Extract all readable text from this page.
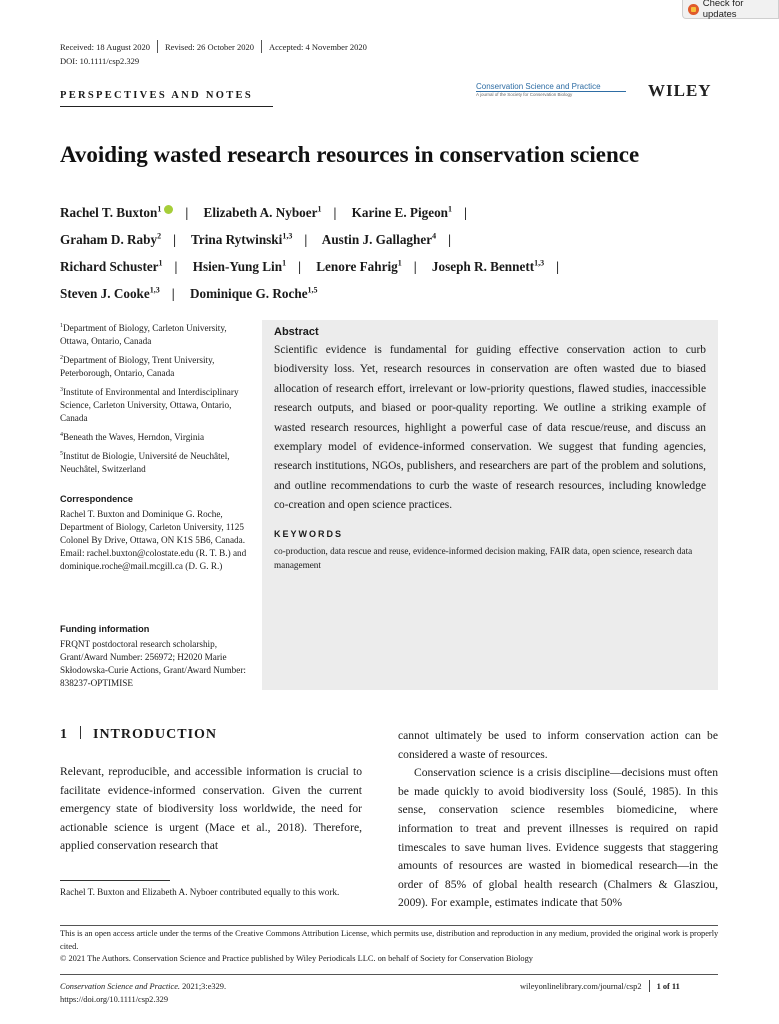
Check for updates
Received: 18 August 2020 Revised: 26 October 2020 Accepted: 4 November 2020
DOI: 10.1111/csp2.329
PERSPECTIVES AND NOTES
Conservation Science and Practice
A journal of the Society for Conservation Biology	WILEY
Avoiding wasted research resources in conservation science
Rachel T. Buxton$^1$ | Elizabeth A. Nyboer$^1$ | Karine E. Pigeon$^1$ |
Graham D. Raby$^2$ | Trina Rytwinski$^{1,3}$ | Austin J. Gallagher$^4$ |
Richard Schuster$^1$ | Hsien-Yung Lin$^1$ | Lenore Fahrig$^1$ | Joseph R. Bennett$^{1,3}$ |
Steven J. Cooke$^{1,3}$ | Dominique G. Roche$^{1,5}$

$^1$Department of Biology, Carleton University, Ottawa, Ontario, Canada

$^2$Department of Biology, Trent University, Peterborough, Ontario, Canada

$^3$Institute of Environmental and Interdisciplinary Science, Carleton University, Ottawa, Ontario, Canada

$^4$Beneath the Waves, Herndon, Virginia

$^5$Institut de Biologie, Université de Neuchâtel, Neuchâtel, Switzerland

Correspondence
Rachel T. Buxton and Dominique G. Roche, Department of Biology, Carleton University, 1125 Colonel By Drive, Ottawa, ON K1S 5B6, Canada.
Email: rachel.buxton@colostate.edu (R. T. B.) and dominique.roche@mail.mcgill.ca (D. G. R.)
Funding information
FRQNT postdoctoral research scholarship, Grant/Award Number: 256972; H2020 Marie Skłodowska-Curie Actions, Grant/Award Number: 838237-OPTIMISE
Abstract
Scientific evidence is fundamental for guiding effective conservation action to curb biodiversity loss. Yet, research resources in conservation are often wasted due to biased allocation of research effort, irrelevant or low-priority questions, flawed studies, inaccessible research outputs, and biased or poor-quality reporting. We outline a striking example of wasted research resources, highlight a powerful case of data rescue/reuse, and discuss an exemplary model of evidence-informed conservation. We suggest that funding agencies, research institutions, NGOs, publishers, and researchers are part of the problem and solutions, and outline recommendations to curb the waste of research resources, including knowledge co-creation and open science practices.
KEYWORDS
co-production, data rescue and reuse, evidence-informed decision making, FAIR data, open science, research data management
1 INTRODUCTION

Relevant, reproducible, and accessible information is crucial to facilitate evidence-informed conservation. Given the current emergency state of biodiversity loss worldwide, the need for actionable science is urgent (Mace et al., 2018). Therefore, applied conservation research that

cannot ultimately be used to inform conservation action can be considered a waste of resources.

Conservation science is a crisis discipline—decisions must often be made quickly to avoid biodiversity loss (Soulé, 1985). In this sense, conservation science resembles biomedicine, where information to treat and prevent illnesses is required on rapid timescales to save human lives. Evidence suggests that staggering amounts of resources are wasted in biomedical research—in the order of 85% of global health research (Chalmers & Glasziou, 2009). For example, estimates indicate that 50%

Rachel T. Buxton and Elizabeth A. Nyboer contributed equally to this work.
This is an open access article under the terms of the Creative Commons Attribution License, which permits use, distribution and reproduction in any medium, provided the original work is properly cited.
© 2021 The Authors. Conservation Science and Practice published by Wiley Periodicals LLC. on behalf of Society for Conservation Biology
Conservation Science and Practice. 2021;3:e329.
https://doi.org/10.1111/csp2.329
wileyonlinelibrary.com/journal/csp2 1 of 11
